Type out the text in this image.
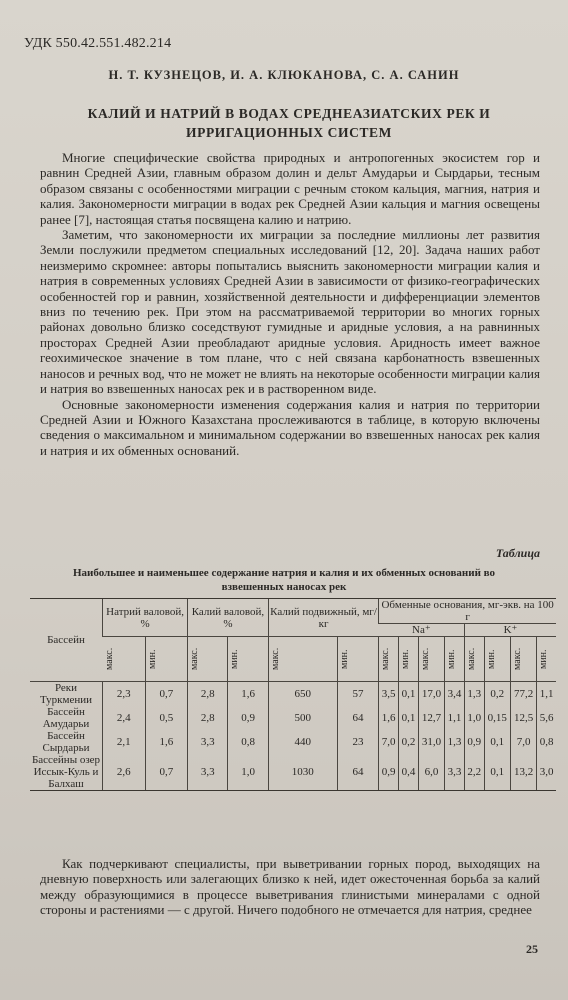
УДК 550.42.551.482.214
Н. Т. КУЗНЕЦОВ, И. А. КЛЮКАНОВА, С. А. САНИН
КАЛИЙ И НАТРИЙ В ВОДАХ СРЕДНЕАЗИАТСКИХ РЕК И ИРРИГАЦИОННЫХ СИСТЕМ

Многие специфические свойства природных и антропогенных экосистем гор и равнин Средней Азии, главным образом долин и дельт Амударьи и Сырдарьи, тесным образом связаны с особенностями миграции с речным стоком кальция, магния, натрия и калия. Закономерности миграции в водах рек Средней Азии кальция и магния освещены ранее [7], настоящая статья посвящена калию и натрию.

Заметим, что закономерности их миграции за последние миллионы лет развития Земли послужили предметом специальных исследований [12, 20]. Задача наших работ неизмеримо скромнее: авторы попытались выяснить закономерности миграции калия и натрия в современных условиях Средней Азии в зависимости от физико-географических особенностей гор и равнин, хозяйственной деятельности и дифференциации элементов вниз по течению рек. При этом на рассматриваемой территории во многих горных районах довольно близко соседствуют гумидные и аридные условия, а на равнинных просторах Средней Азии преобладают аридные условия. Аридность имеет важное геохимическое значение в том плане, что с ней связана карбонатность взвешенных наносов и речных вод, что не может не влиять на некоторые особенности миграции калия и натрия во взвешенных наносах рек и в растворенном виде.

Основные закономерности изменения содержания калия и натрия по территории Средней Азии и Южного Казахстана прослеживаются в таблице, в которую включены сведения о максимальном и минимальном содержании во взвешенных наносах рек калия и натрия и их обменных оснований.

Таблица
Наибольшее и наименьшее содержание натрия и калия и их обменных оснований во взвешенных наносах рек
Бассейн	Натрий валовой, %		Калий валовой, %		Калий подвижный, мг/кг		Обменные основания, мг-экв. на 100 г							
							Na⁺				K⁺			

	макс.	мин.	макс.	мин.	макс.	мин.	макс.	мин.	макс.	мин.	макс.	мин.	макс.	мин.

Реки Туркмении	2,3	0,7	2,8	1,6	650	57	3,5	0,1	17,0	3,4	1,3	0,2	77,2	1,1
Бассейн Амударьи	2,4	0,5	2,8	0,9	500	64	1,6	0,1	12,7	1,1	1,0	0,15	12,5	5,6
Бассейн Сырдарьи	2,1	1,6	3,3	0,8	440	23	7,0	0,2	31,0	1,3	0,9	0,1	7,0	0,8
Бассейны озер Иссык-Куль и Балхаш	2,6	0,7	3,3	1,0	1030	64	0,9	0,4	6,0	3,3	2,2	0,1	13,2	3,0

Как подчеркивают специалисты, при выветривании горных пород, выходящих на дневную поверхность или залегающих близко к ней, идет ожесточенная борьба за калий между образующимися в процессе выветривания глинистыми минералами с одной стороны и растениями — с другой. Ничего подобного не отмечается для натрия, среднее

25
